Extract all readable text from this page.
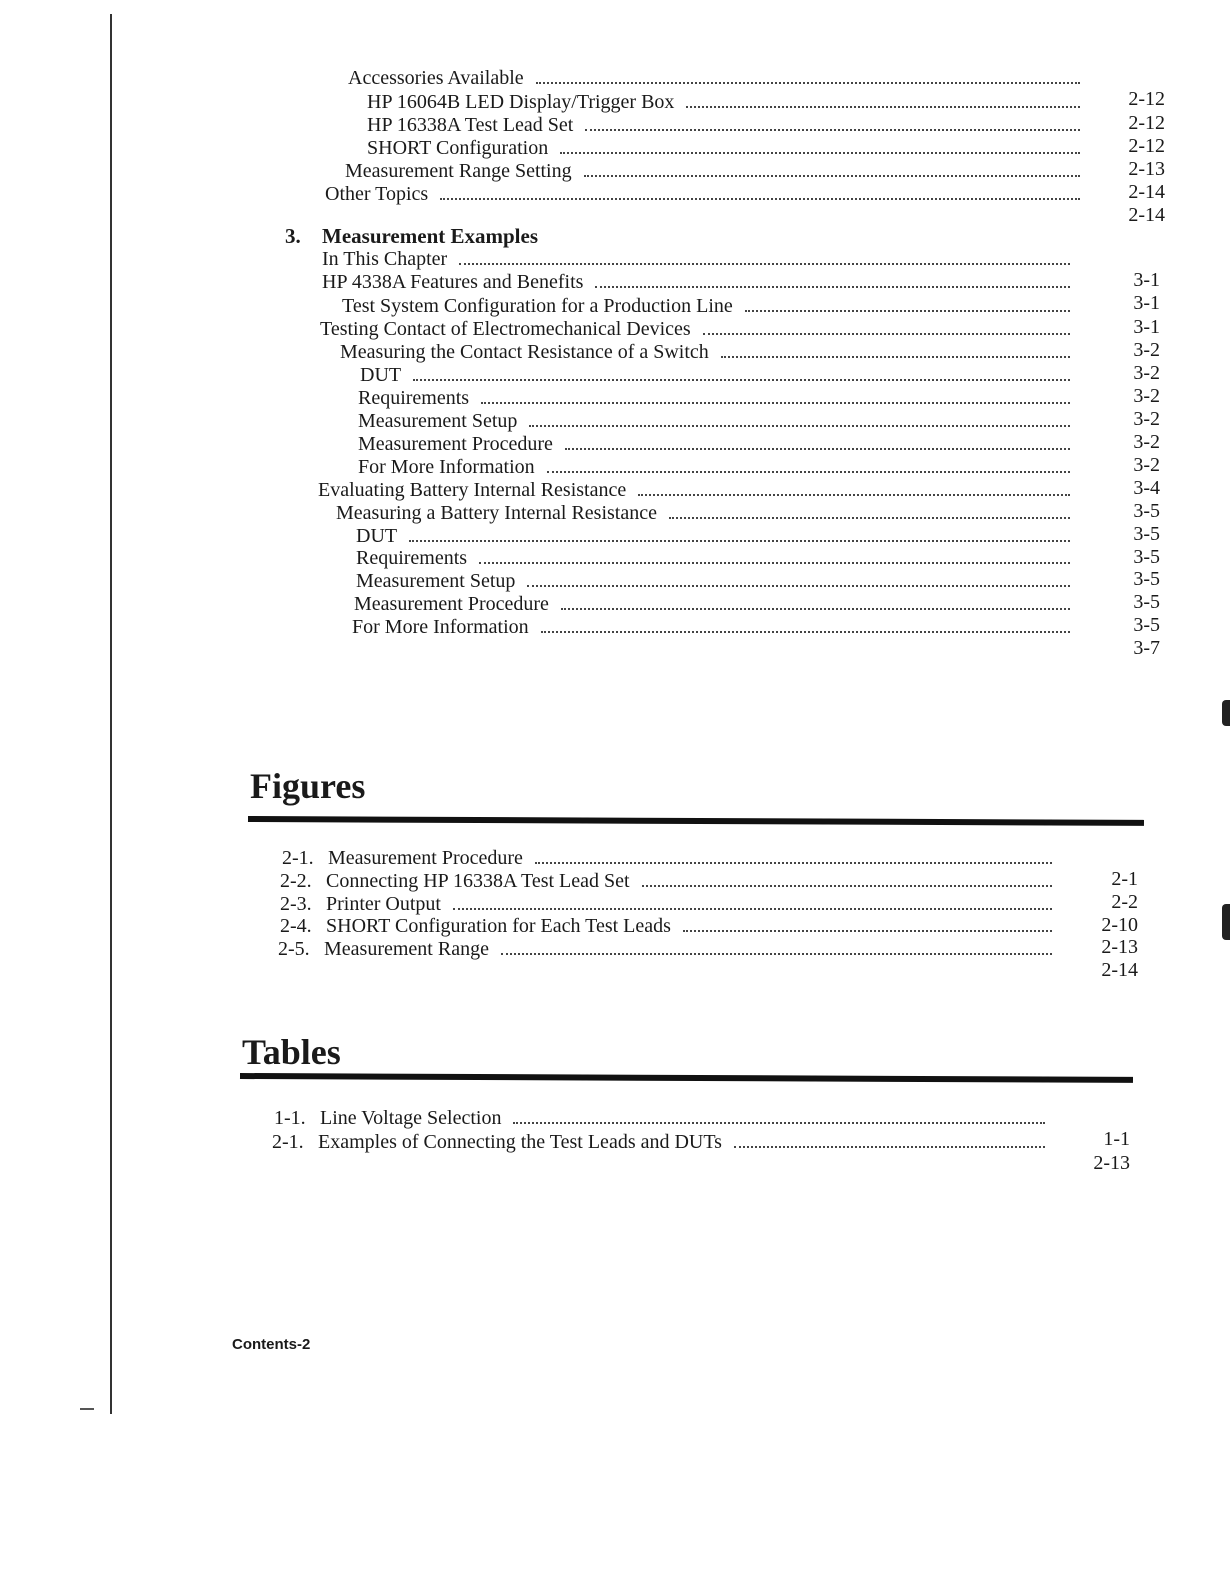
Accessories Available
2-12
HP 16064B LED Display/Trigger Box
2-12
HP 16338A Test Lead Set
2-12
SHORT Configuration
2-13
Measurement Range Setting
2-14
Other Topics
2-14
3. Measurement Examples
In This Chapter
3-1
HP 4338A Features and Benefits
3-1
Test System Configuration for a Production Line
3-1
Testing Contact of Electromechanical Devices
3-2
Measuring the Contact Resistance of a Switch
3-2
DUT
3-2
Requirements
3-2
Measurement Setup
3-2
Measurement Procedure
3-2
For More Information
3-4
Evaluating Battery Internal Resistance
3-5
Measuring a Battery Internal Resistance
3-5
DUT
3-5
Requirements
3-5
Measurement Setup
3-5
Measurement Procedure
3-5
For More Information
3-7
Figures
2-1. Measurement Procedure
2-1
2-2. Connecting HP 16338A Test Lead Set
2-2
2-3. Printer Output
2-10
2-4. SHORT Configuration for Each Test Leads
2-13
2-5. Measurement Range
2-14
Tables
1-1. Line Voltage Selection
1-1
2-1. Examples of Connecting the Test Leads and DUTs
2-13
Contents-2
